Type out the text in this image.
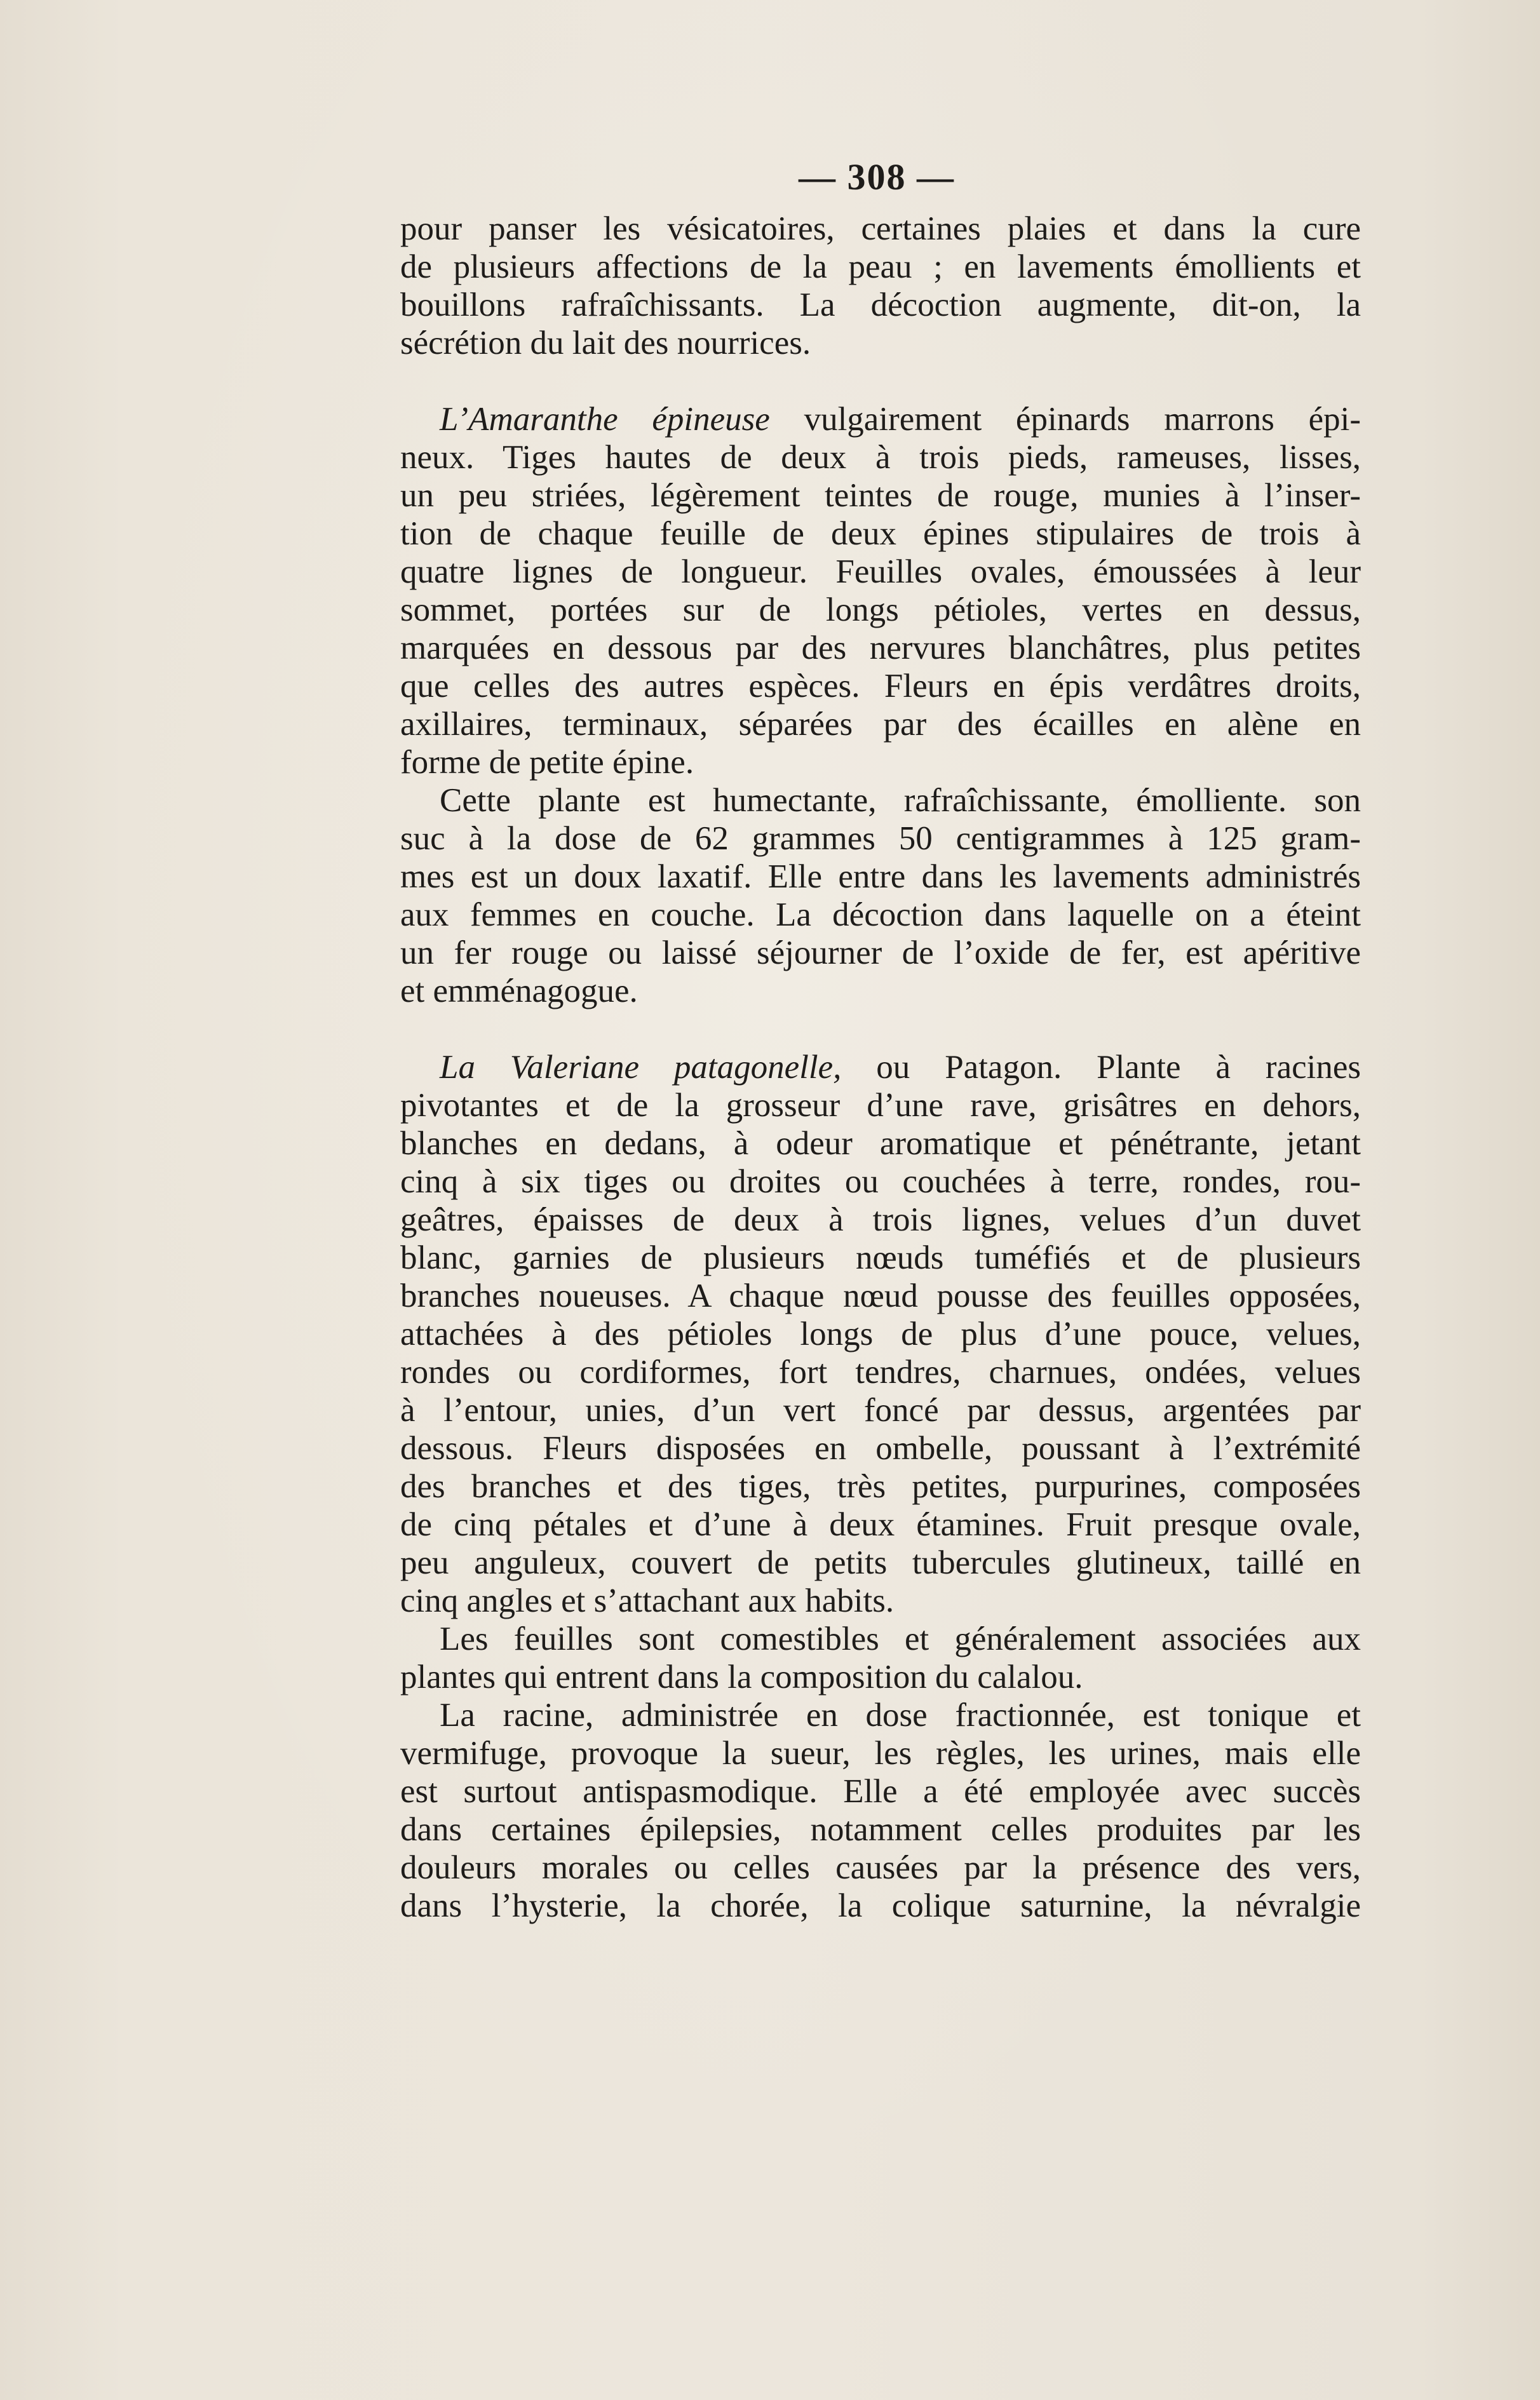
— 308 —
pour panser les vésicatoires, certaines plaies et dans la cure
de plusieurs affections de la peau ; en lavements émollients et
bouillons rafraîchissants. La décoction augmente, dit-on, la
sécrétion du lait des nourrices.
L’Amaranthe épineuse vulgairement épinards marrons épi-
neux. Tiges hautes de deux à trois pieds, rameuses, lisses,
un peu striées, légèrement teintes de rouge, munies à l’inser-
tion de chaque feuille de deux épines stipulaires de trois à
quatre lignes de longueur. Feuilles ovales, émoussées à leur
sommet, portées sur de longs pétioles, vertes en dessus,
marquées en dessous par des nervures blanchâtres, plus petites
que celles des autres espèces. Fleurs en épis verdâtres droits,
axillaires, terminaux, séparées par des écailles en alène en
forme de petite épine.
Cette plante est humectante, rafraîchissante, émolliente. son
suc à la dose de 62 grammes 50 centigrammes à 125 gram-
mes est un doux laxatif. Elle entre dans les lavements administrés
aux femmes en couche. La décoction dans laquelle on a éteint
un fer rouge ou laissé séjourner de l’oxide de fer, est apéritive
et emménagogue.
La Valeriane patagonelle, ou Patagon. Plante à racines
pivotantes et de la grosseur d’une rave, grisâtres en dehors,
blanches en dedans, à odeur aromatique et pénétrante, jetant
cinq à six tiges ou droites ou couchées à terre, rondes, rou-
geâtres, épaisses de deux à trois lignes, velues d’un duvet
blanc, garnies de plusieurs nœuds tuméfiés et de plusieurs
branches noueuses. A chaque nœud pousse des feuilles opposées,
attachées à des pétioles longs de plus d’une pouce, velues,
rondes ou cordiformes, fort tendres, charnues, ondées, velues
à l’entour, unies, d’un vert foncé par dessus, argentées par
dessous. Fleurs disposées en ombelle, poussant à l’extrémité
des branches et des tiges, très petites, purpurines, composées
de cinq pétales et d’une à deux étamines. Fruit presque ovale,
peu anguleux, couvert de petits tubercules glutineux, taillé en
cinq angles et s’attachant aux habits.
Les feuilles sont comestibles et généralement associées aux
plantes qui entrent dans la composition du calalou.
La racine, administrée en dose fractionnée, est tonique et
vermifuge, provoque la sueur, les règles, les urines, mais elle
est surtout antispasmodique. Elle a été employée avec succès
dans certaines épilepsies, notamment celles produites par les
douleurs morales ou celles causées par la présence des vers,
dans l’hysterie, la chorée, la colique saturnine, la névralgie
